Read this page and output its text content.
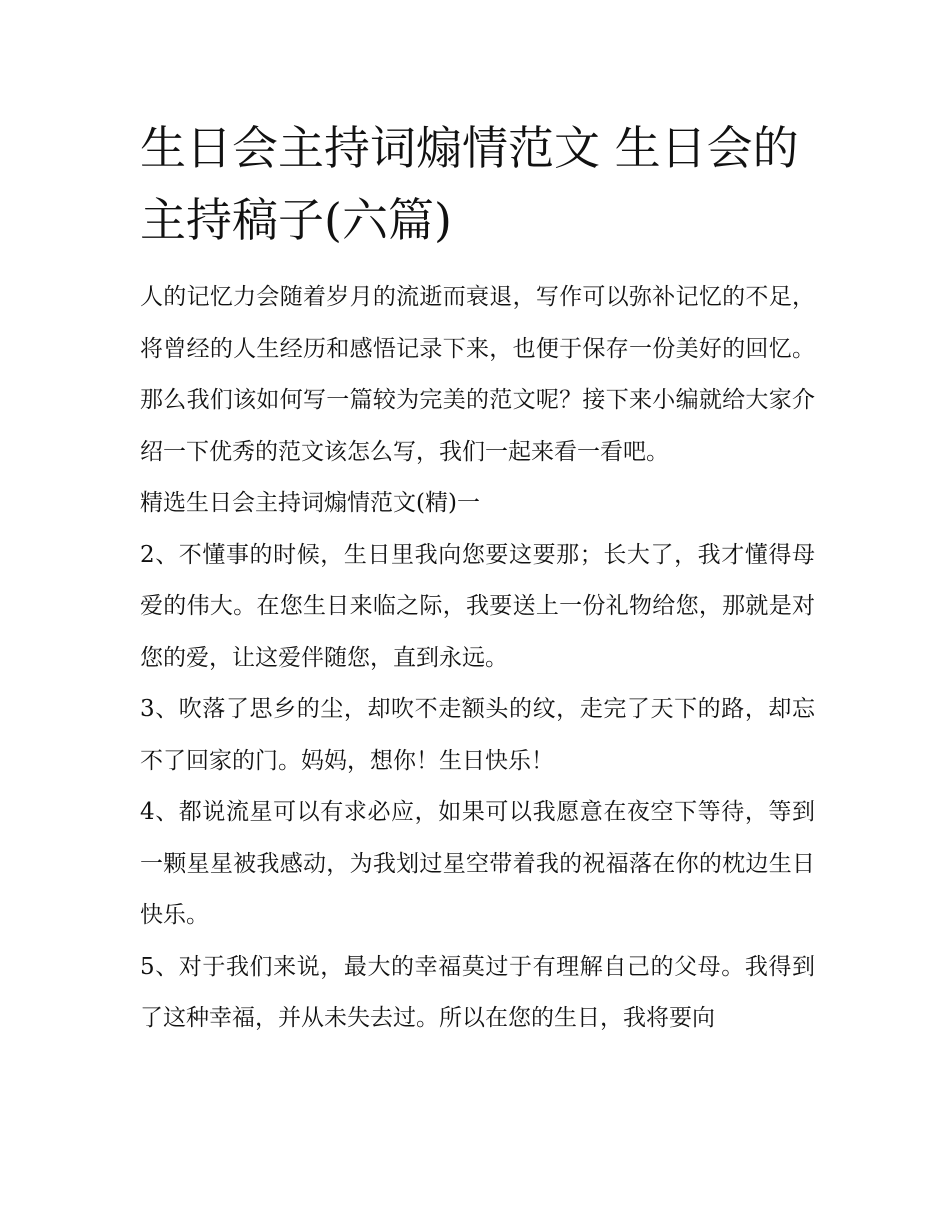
生日会主持词煽情范文 生日会的主持稿子(六篇)

人的记忆力会随着岁月的流逝而衰退，写作可以弥补记忆的不足，将曾经的人生经历和感悟记录下来，也便于保存一份美好的回忆。那么我们该如何写一篇较为完美的范文呢？接下来小编就给大家介绍一下优秀的范文该怎么写，我们一起来看一看吧。

精选生日会主持词煽情范文(精)一

2、不懂事的时候，生日里我向您要这要那；长大了，我才懂得母爱的伟大。在您生日来临之际，我要送上一份礼物给您，那就是对您的爱，让这爱伴随您，直到永远。

3、吹落了思乡的尘，却吹不走额头的纹，走完了天下的路，却忘不了回家的门。妈妈，想你！生日快乐！

4、都说流星可以有求必应，如果可以我愿意在夜空下等待，等到一颗星星被我感动，为我划过星空带着我的祝福落在你的枕边生日快乐。

5、对于我们来说，最大的幸福莫过于有理解自己的父母。我得到了这种幸福，并从未失去过。所以在您的生日，我将要向
